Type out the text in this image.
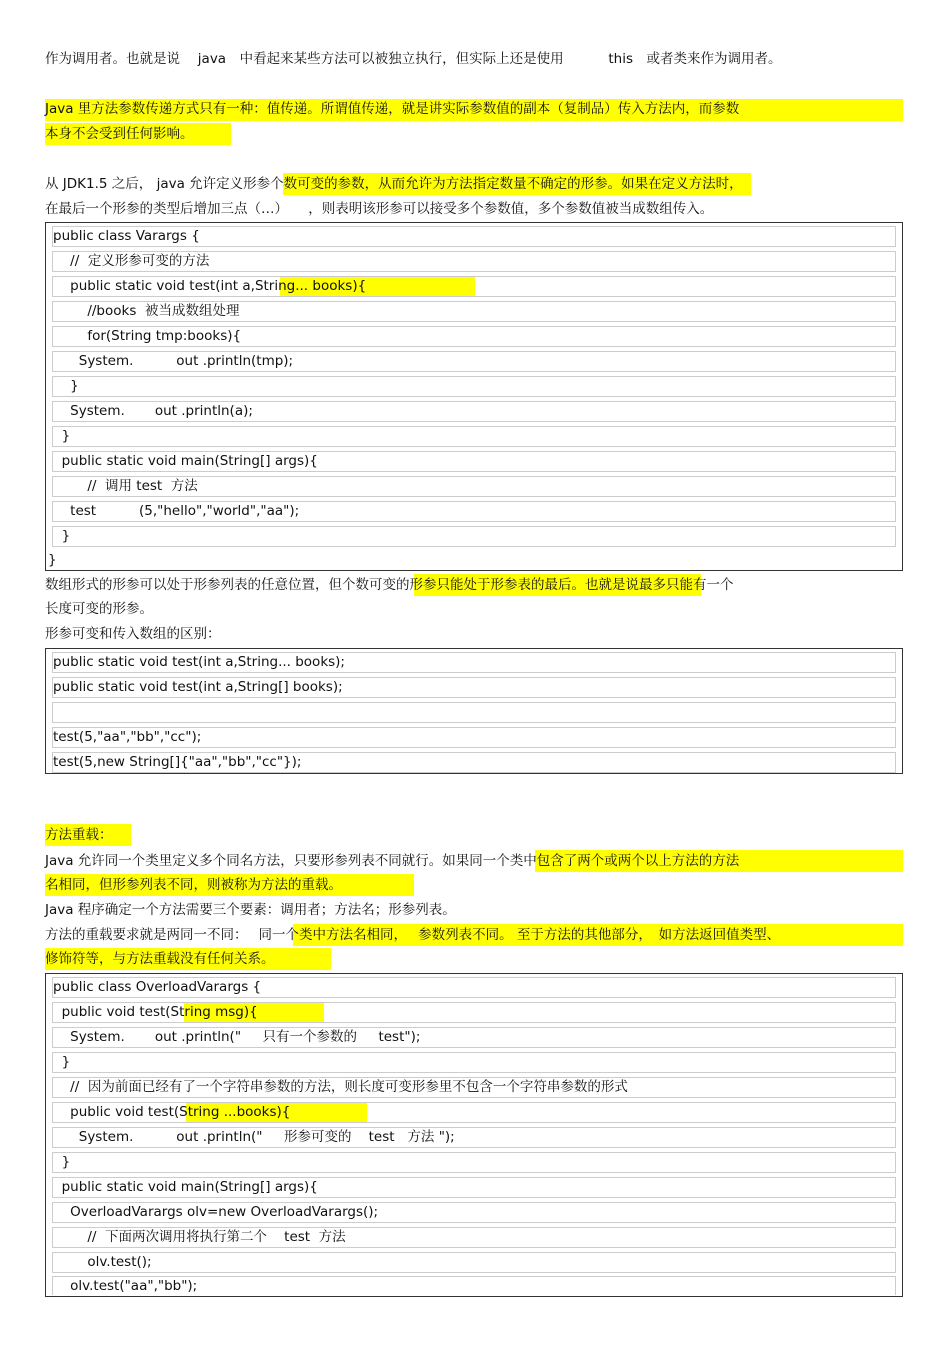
作为调用者。也就是说　 java　中看起来某些方法可以被独立执行，但实际上还是使用　　　 this　或者类来作为调用者。
Java 里方法参数传递方式只有一种：值传递。所谓值传递，就是讲实际参数值的副本（复制品）传入方法内，而参数
本身不会受到任何影响。
从 JDK1.5 之后， java 允许定义形参个数可变的参数，从而允许为方法指定数量不确定的形参。如果在定义方法时，
在最后一个形参的类型后增加三点（…）　　，则表明该形参可以接受多个参数值，多个参数值被当成数组传入。
public class Varargs {
//  定义形参可变的方法
public static void test(int a,String... books){
//books  被当成数组处理
for(String tmp:books){
System.          out .println(tmp);
}
System.       out .println(a);
}
public static void main(String[] args){
//  调用 test  方法
test          (5,"hello","world","aa");
}
}
数组形式的形参可以处于形参列表的任意位置，但个数可变的形参只能处于形参表的最后。也就是说最多只能有一个
长度可变的形参。
形参可变和传入数组的区别：
public static void test(int a,String... books);
public static void test(int a,String[] books);
test(5,"aa","bb","cc");
test(5,new String[]{"aa","bb","cc"});
方法重载：
Java 允许同一个类里定义多个同名方法，只要形参列表不同就行。如果同一个类中包含了两个或两个以上方法的方法
名相同，但形参列表不同，则被称为方法的重载。
Java 程序确定一个方法需要三个要素：调用者；方法名；形参列表。
方法的重载要求就是两同一不同：　 同一个类中方法名相同，　 参数列表不同。 至于方法的其他部分，　如方法返回值类型、
修饰符等，与方法重载没有任何关系。
public class OverloadVarargs {
public void test(String msg){
System.       out .println("     只有一个参数的     test");
}
//  因为前面已经有了一个字符串参数的方法，则长度可变形参里不包含一个字符串参数的形式
public void test(String ...books){
System.          out .println("     形参可变的    test   方法 ");
}
public static void main(String[] args){
OverloadVarargs olv=new OverloadVarargs();
//  下面两次调用将执行第二个    test  方法
olv.test();
olv.test("aa","bb");
